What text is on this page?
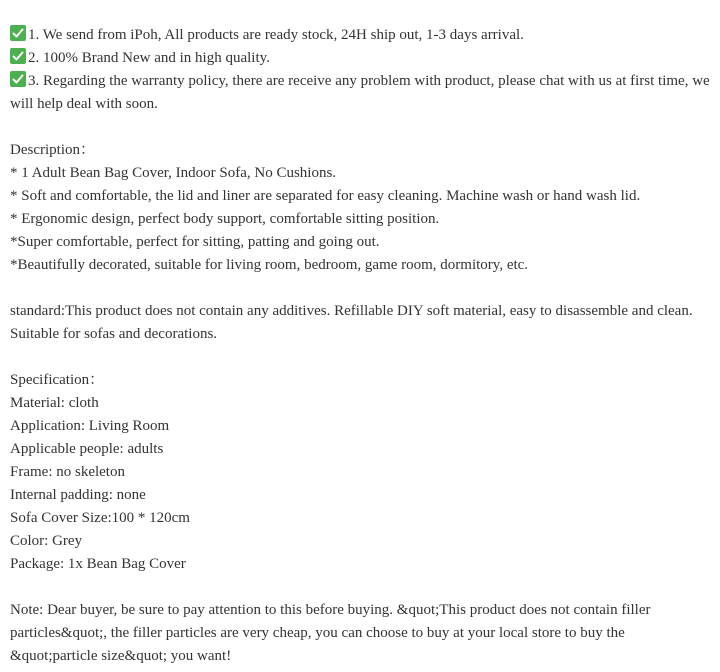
1. We send from iPoh, All products are ready stock, 24H ship out, 1-3 days arrival.

2. 100% Brand New and in high quality.

3. Regarding the warranty policy, there are receive any problem with product, please chat with us at first time, we will help deal with soon.

Description：

* 1 Adult Bean Bag Cover, Indoor Sofa, No Cushions.

* Soft and comfortable, the lid and liner are separated for easy cleaning. Machine wash or hand wash lid.

* Ergonomic design, perfect body support, comfortable sitting position.

*Super comfortable, perfect for sitting, patting and going out.

*Beautifully decorated, suitable for living room, bedroom, game room, dormitory, etc.

standard:This product does not contain any additives. Refillable DIY soft material, easy to disassemble and clean. Suitable for sofas and decorations.

Specification：

Material: cloth

Application: Living Room

Applicable people: adults

Frame: no skeleton

Internal padding: none

Sofa Cover Size:100 * 120cm

Color: Grey

Package: 1x Bean Bag Cover

Note: Dear buyer, be sure to pay attention to this before buying. &quot;This product does not contain filler particles&quot;, the filler particles are very cheap, you can choose to buy at your local store to buy the &quot;particle size&quot; you want!
